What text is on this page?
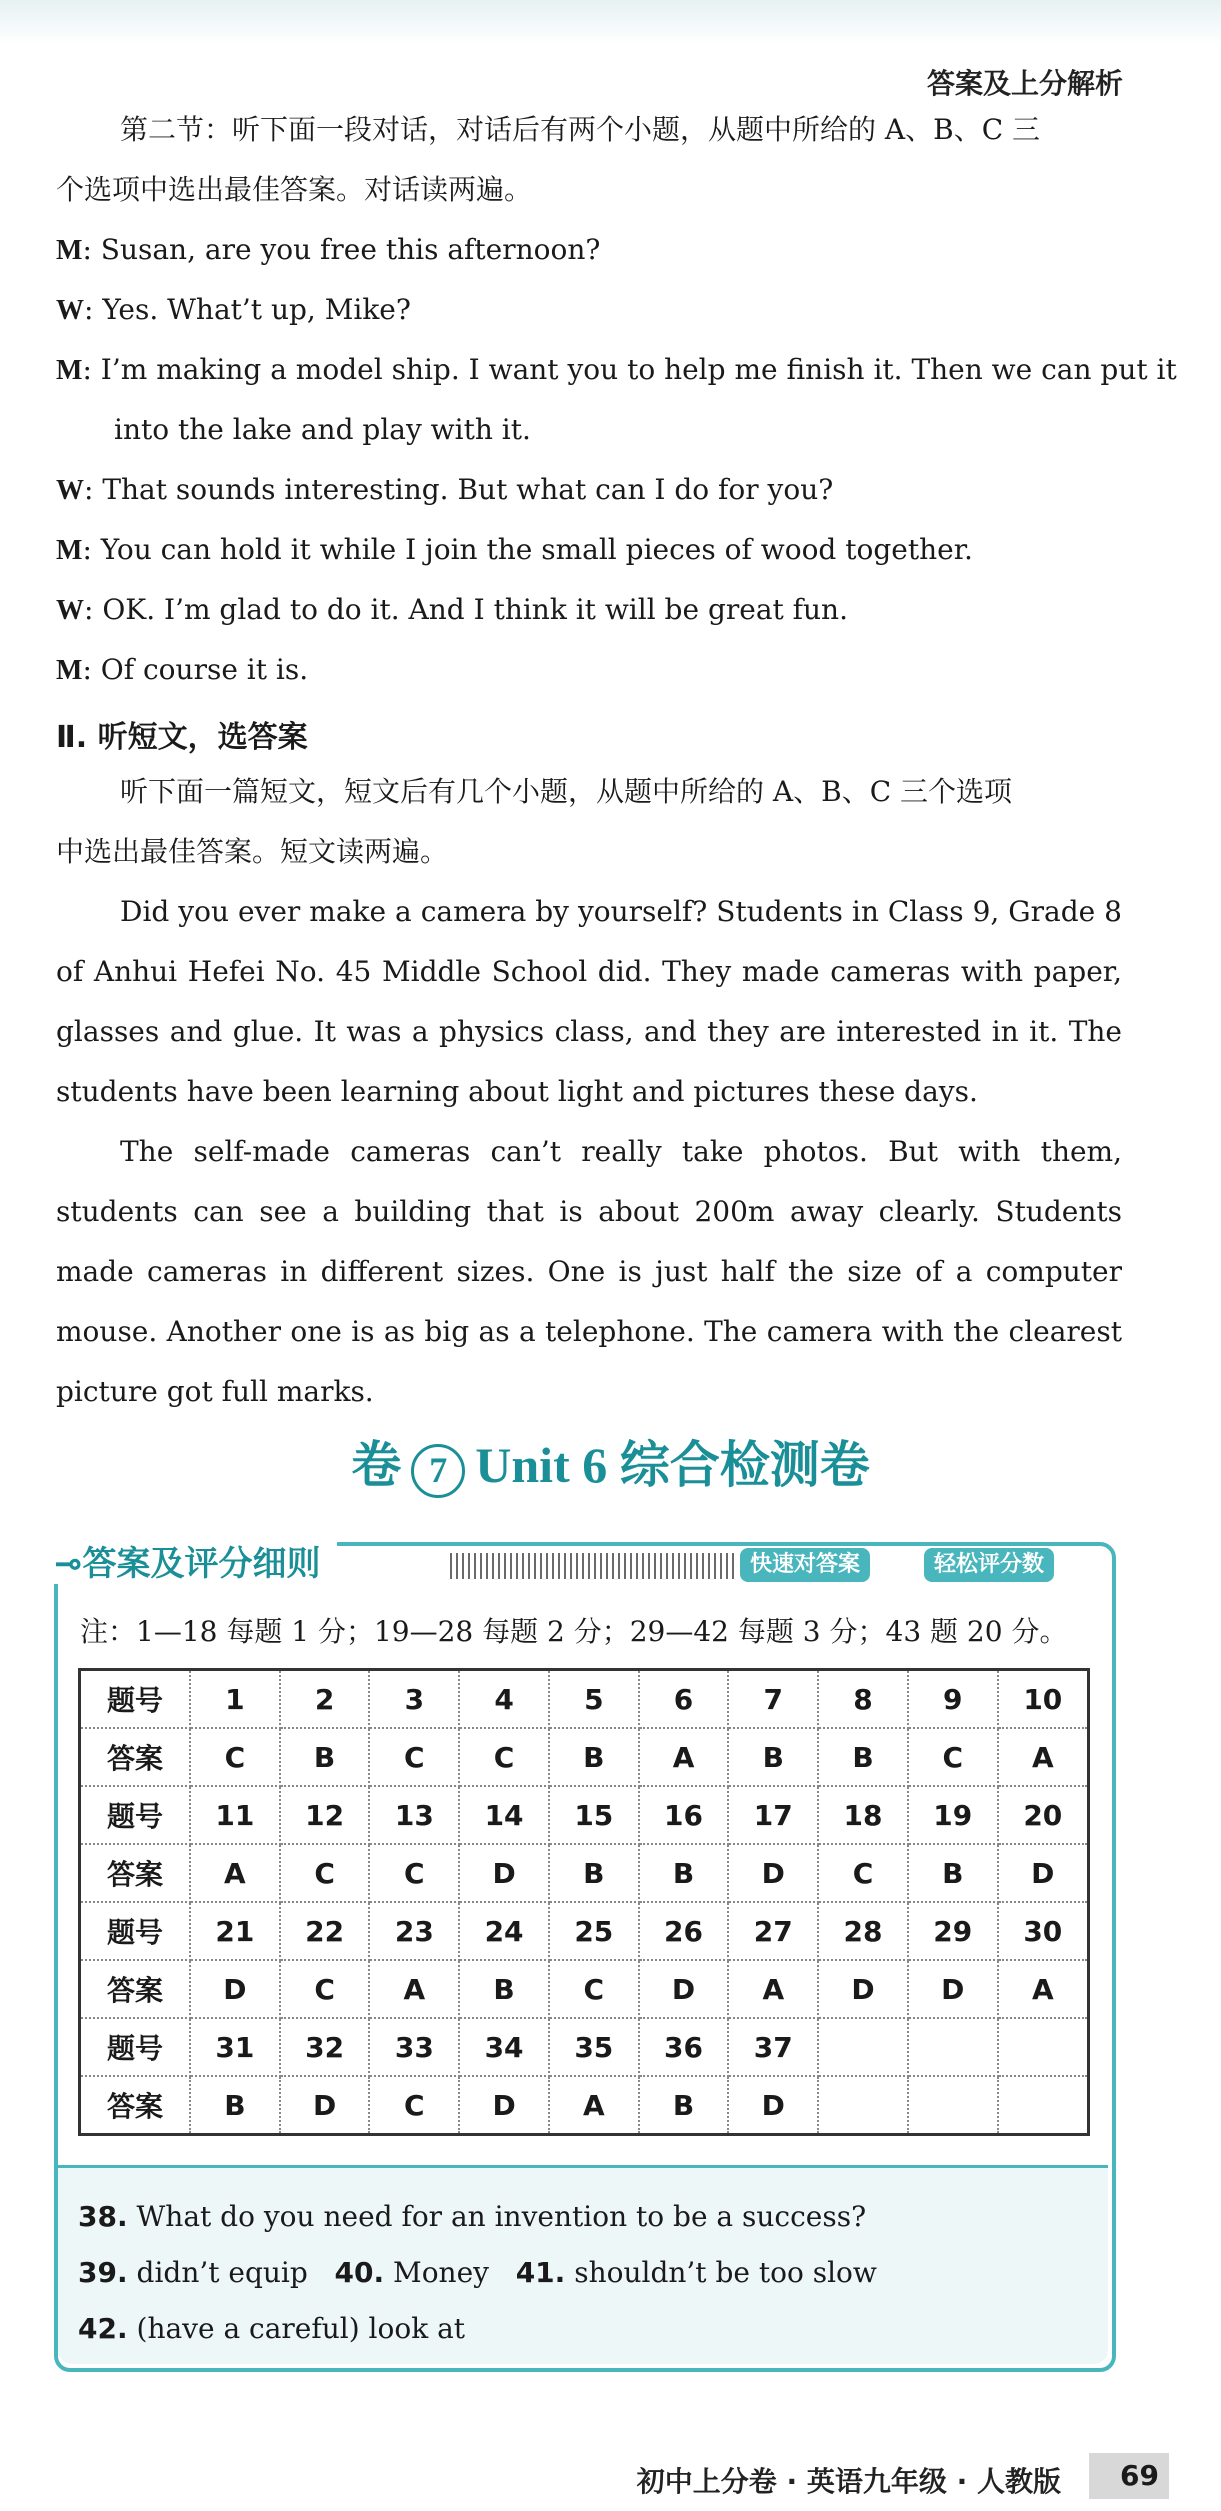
答案及上分解析
第二节：听下面一段对话，对话后有两个小题，从题中所给的 A、B、C 三
个选项中选出最佳答案。对话读两遍。
M: Susan, are you free this afternoon?
W: Yes. What’t up, Mike?
M: I’m making a model ship. I want you to help me finish it. Then we can put it
into the lake and play with it.
W: That sounds interesting. But what can I do for you?
M: You can hold it while I join the small pieces of wood together.
W: OK. I’m glad to do it. And I think it will be great fun.
M: Of course it is.
Ⅱ. 听短文，选答案
听下面一篇短文，短文后有几个小题，从题中所给的 A、B、C 三个选项
中选出最佳答案。短文读两遍。
Did you ever make a camera by yourself? Students in Class 9, Grade 8 of Anhui Hefei No. 45 Middle School did. They made cameras with paper, glasses and glue. It was a physics class, and they are interested in it. The students have been learning about light and pictures these days.
The self-made cameras can’t really take photos. But with them, students can see a building that is about 200m away clearly. Students made cameras in different sizes. One is just half the size of a computer mouse. Another one is as big as a telephone. The camera with the clearest picture got full marks.
卷 7 Unit 6 综合检测卷
⊸答案及评分细则	快速对答案	轻松评分数
注：1—18 每题 1 分；19—28 每题 2 分；29—42 每题 3 分；43 题 20 分。
题号	1	2	3	4	5	6	7	8	9	10
答案	C	B	C	C	B	A	B	B	C	A
题号	11	12	13	14	15	16	17	18	19	20
答案	A	C	C	D	B	B	D	C	B	D
题号	21	22	23	24	25	26	27	28	29	30
答案	D	C	A	B	C	D	A	D	D	A
题号	31	32	33	34	35	36	37			
答案	B	D	C	D	A	B	D			
38. What do you need for an invention to be a success?
39. didn’t equip 40. Money 41. shouldn’t be too slow
42. (have a careful) look at
初中上分卷 · 英语九年级 · 人教版	69
